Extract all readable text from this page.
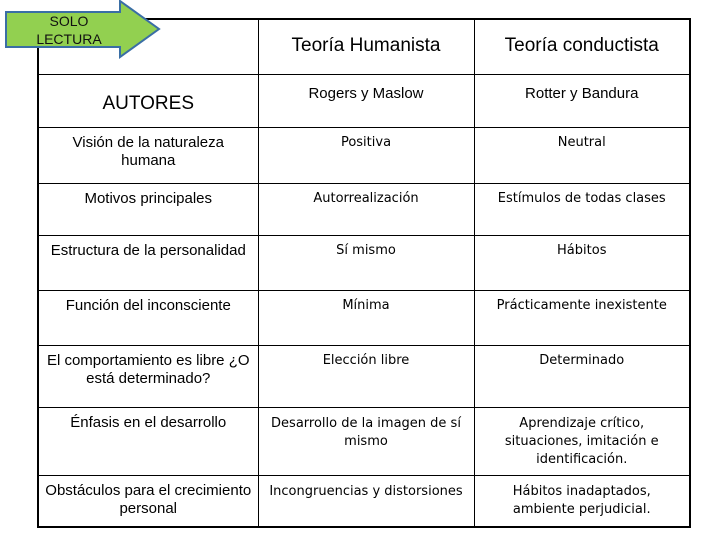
	Teoría Humanista	Teoría conductista
AUTORES	Rogers y Maslow	Rotter y Bandura
Visión de la naturaleza humana	Positiva	Neutral
Motivos principales	Autorrealización	Estímulos de todas clases
Estructura de la personalidad	Sí mismo	Hábitos
Función del inconsciente	Mínima	Prácticamente inexistente
El comportamiento es libre ¿O está determinado?	Elección libre	Determinado
Énfasis en el desarrollo	Desarrollo de la imagen de sí mismo	Aprendizaje crítico, situaciones, imitación e identificación.
Obstáculos para el crecimiento personal	Incongruencias y distorsiones	Hábitos inadaptados, ambiente perjudicial.
SOLO
LECTURA
